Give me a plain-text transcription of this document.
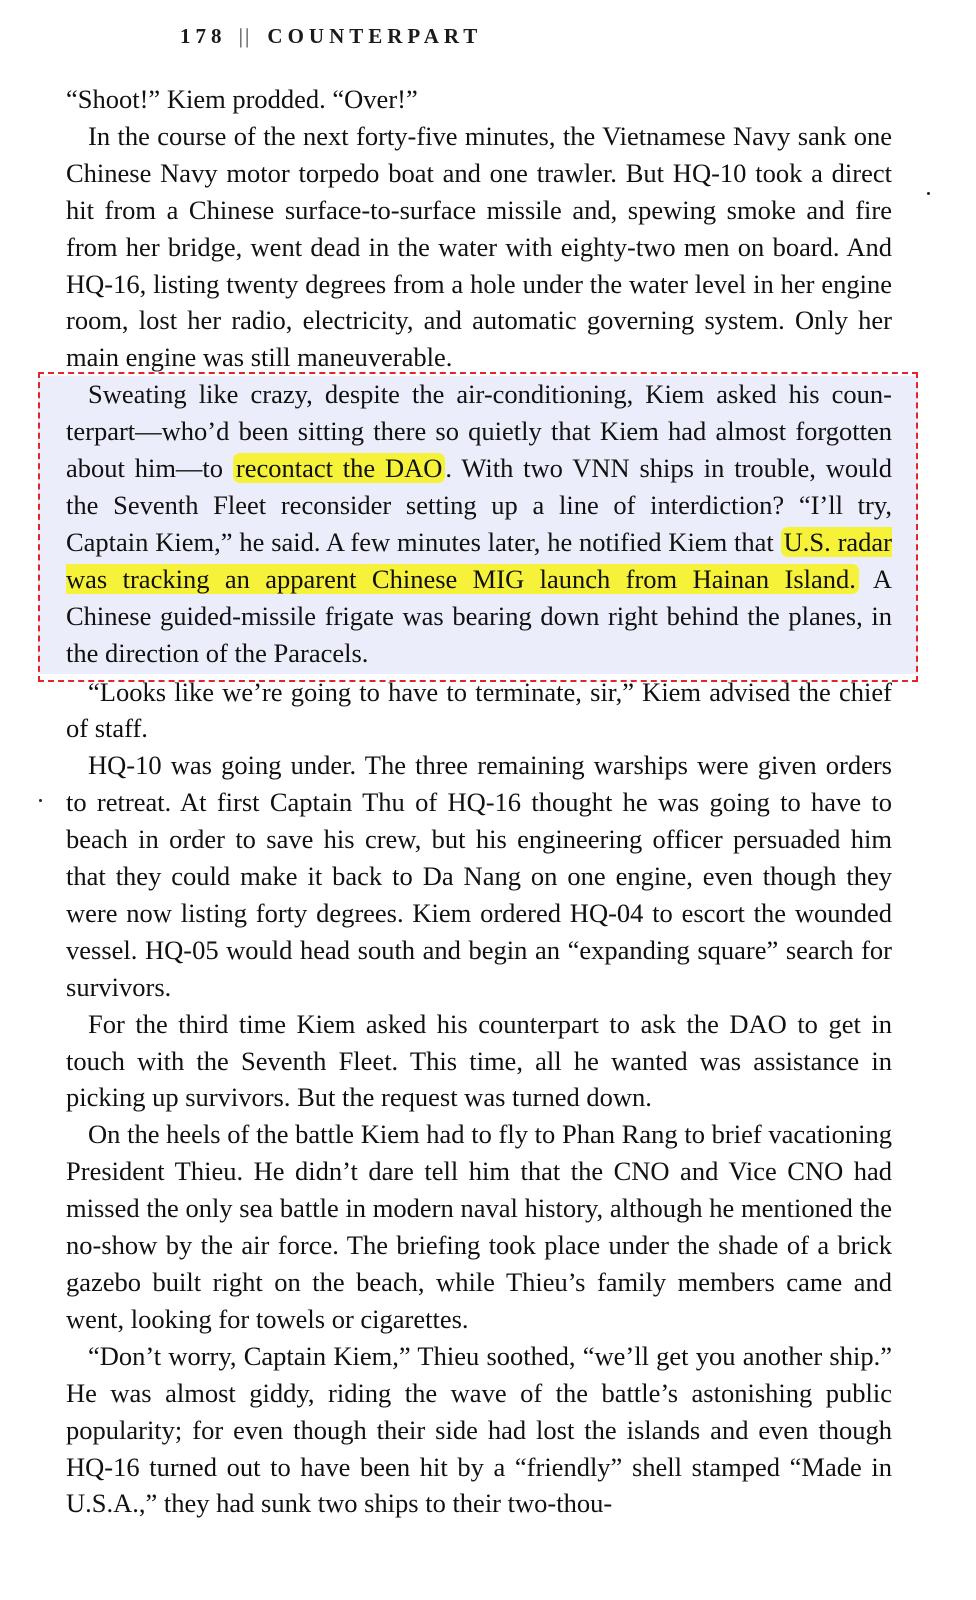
178 || COUNTERPART

“Shoot!” Kiem prodded. “Over!”

In the course of the next forty-five minutes, the Vietnamese Navy sank one Chinese Navy motor torpedo boat and one trawler. But HQ-10 took a direct hit from a Chinese surface-to-surface missile and, spewing smoke and fire from her bridge, went dead in the water with eighty-two men on board. And HQ-16, listing twenty degrees from a hole under the water level in her engine room, lost her radio, electricity, and automatic governing system. Only her main engine was still maneuverable.

Sweating like crazy, despite the air-conditioning, Kiem asked his counterpart—who’d been sitting there so quietly that Kiem had almost forgotten about him—to recontact the DAO . With two VNN ships in trouble, would the Seventh Fleet reconsider setting up a line of interdiction? “I’ll try, Captain Kiem,” he said. A few minutes later, he notified Kiem that U.S. radar was tracking an apparent Chinese MIG launch from Hainan Island. A Chinese guided-missile frigate was bearing down right behind the planes, in the direction of the Paracels.

“Looks like we’re going to have to terminate, sir,” Kiem advised the chief of staff.

HQ-10 was going under. The three remaining warships were given orders to retreat. At first Captain Thu of HQ-16 thought he was going to have to beach in order to save his crew, but his engineering officer persuaded him that they could make it back to Da Nang on one engine, even though they were now listing forty degrees. Kiem ordered HQ-04 to escort the wounded vessel. HQ-05 would head south and begin an “expanding square” search for survivors.

For the third time Kiem asked his counterpart to ask the DAO to get in touch with the Seventh Fleet. This time, all he wanted was assistance in picking up survivors. But the request was turned down.

On the heels of the battle Kiem had to fly to Phan Rang to brief vacationing President Thieu. He didn’t dare tell him that the CNO and Vice CNO had missed the only sea battle in modern naval history, although he mentioned the no-show by the air force. The briefing took place under the shade of a brick gazebo built right on the beach, while Thieu’s family members came and went, looking for towels or cigarettes.

“Don’t worry, Captain Kiem,” Thieu soothed, “we’ll get you another ship.” He was almost giddy, riding the wave of the battle’s astonishing public popularity; for even though their side had lost the islands and even though HQ-16 turned out to have been hit by a “friendly” shell stamped “Made in U.S.A.,” they had sunk two ships to their two-thou-
